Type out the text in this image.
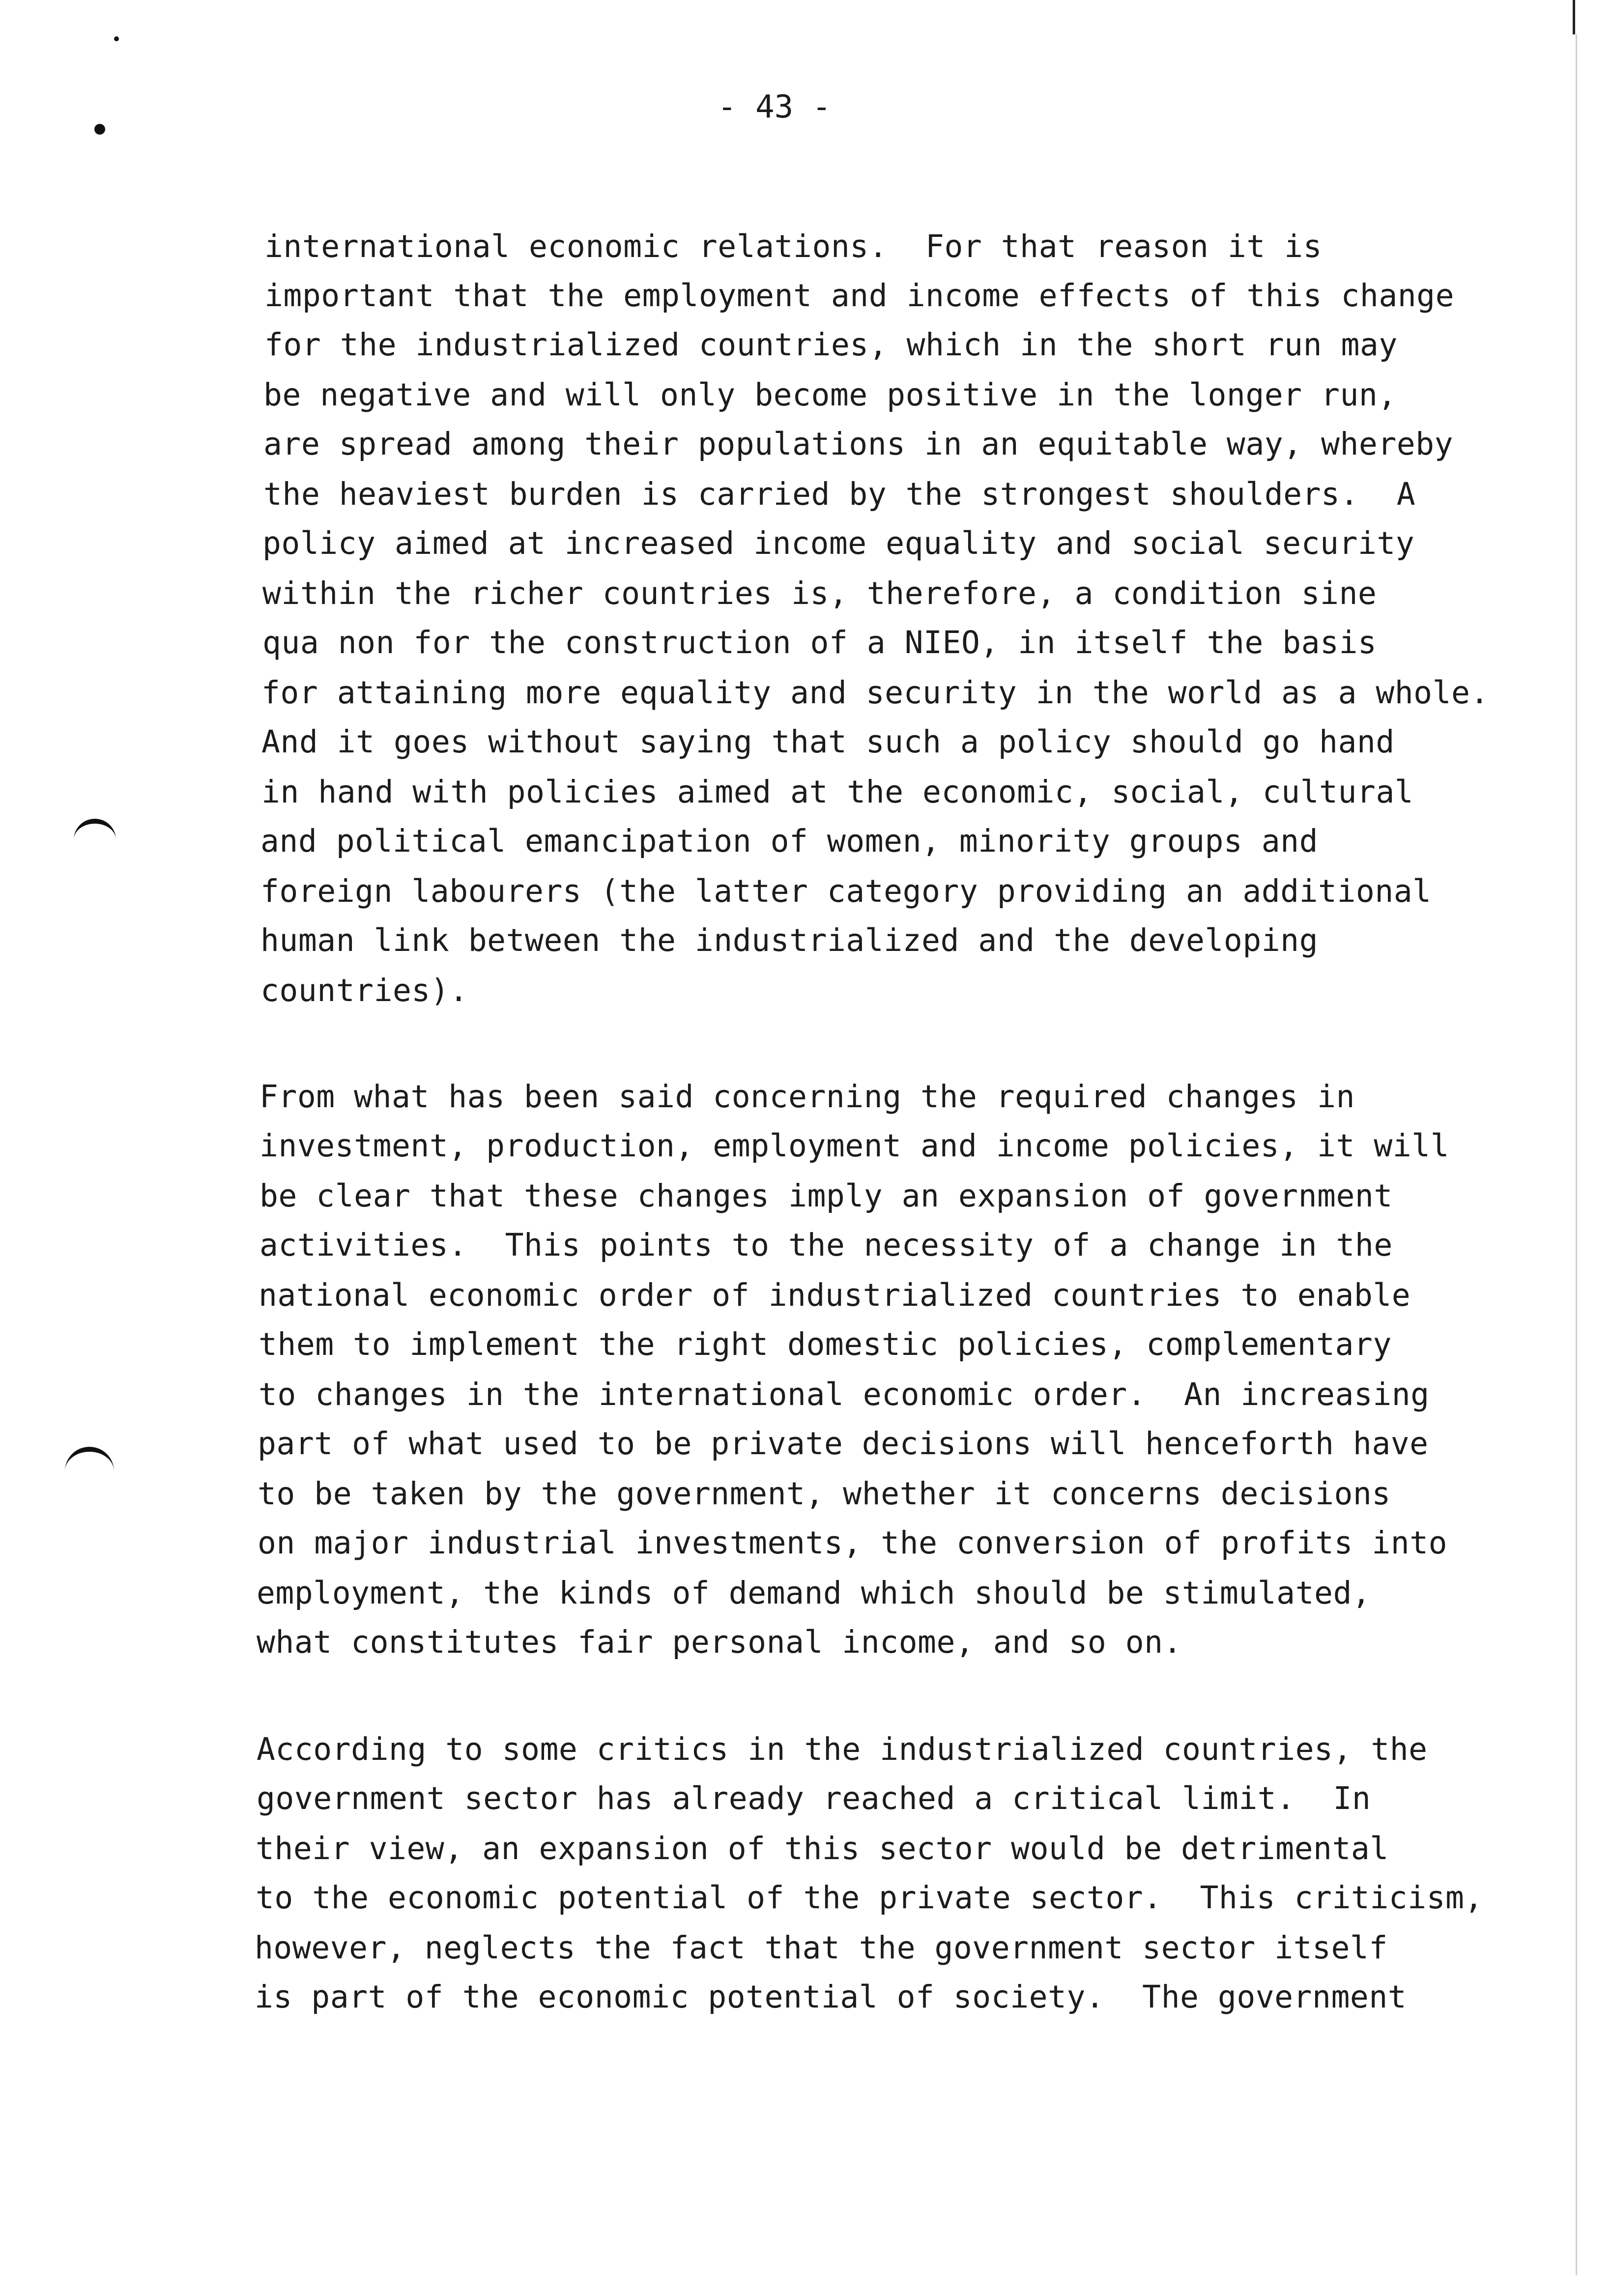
- 43 -
international economic relations.  For that reason it is
important that the employment and income effects of this change
for the industrialized countries, which in the short run may
be negative and will only become positive in the longer run,
are spread among their populations in an equitable way, whereby
the heaviest burden is carried by the strongest shoulders.  A
policy aimed at increased income equality and social security
within the richer countries is, therefore, a condition sine
qua non for the construction of a NIEO, in itself the basis
for attaining more equality and security in the world as a whole.
And it goes without saying that such a policy should go hand
in hand with policies aimed at the economic, social, cultural
and political emancipation of women, minority groups and
foreign labourers (the latter category providing an additional
human link between the industrialized and the developing
countries).
From what has been said concerning the required changes in
investment, production, employment and income policies, it will
be clear that these changes imply an expansion of government
activities.  This points to the necessity of a change in the
national economic order of industrialized countries to enable
them to implement the right domestic policies, complementary
to changes in the international economic order.  An increasing
part of what used to be private decisions will henceforth have
to be taken by the government, whether it concerns decisions
on major industrial investments, the conversion of profits into
employment, the kinds of demand which should be stimulated,
what constitutes fair personal income, and so on.
According to some critics in the industrialized countries, the
government sector has already reached a critical limit.  In
their view, an expansion of this sector would be detrimental
to the economic potential of the private sector.  This criticism,
however, neglects the fact that the government sector itself
is part of the economic potential of society.  The government
